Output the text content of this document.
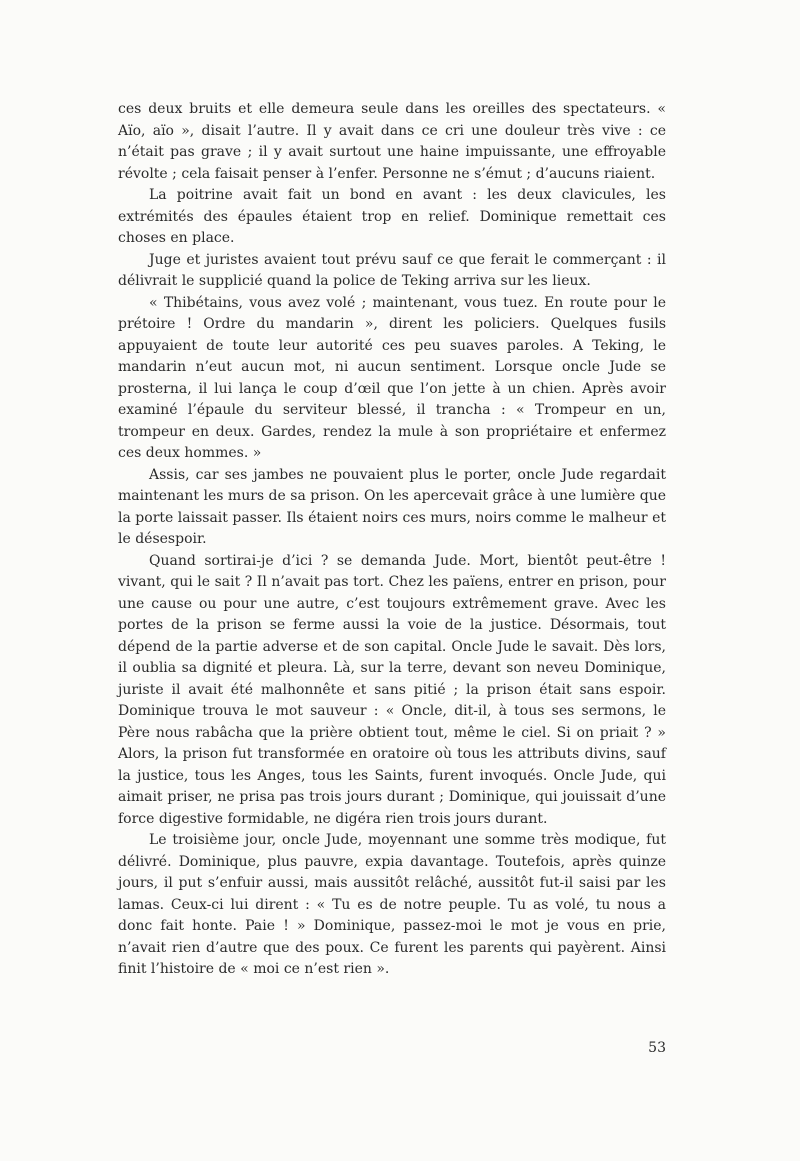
ces deux bruits et elle demeura seule dans les oreilles des spectateurs. « Aïo, aïo », disait l’autre. Il y avait dans ce cri une douleur très vive : ce n’était pas grave ; il y avait surtout une haine impuissante, une effroyable révolte ; cela faisait penser à l’enfer. Personne ne s’émut ; d’aucuns riaient.

La poitrine avait fait un bond en avant : les deux clavicules, les extrémités des épaules étaient trop en relief. Dominique remettait ces choses en place.

Juge et juristes avaient tout prévu sauf ce que ferait le commerçant : il délivrait le supplicié quand la police de Teking arriva sur les lieux.

« Thibétains, vous avez volé ; maintenant, vous tuez. En route pour le prétoire ! Ordre du mandarin », dirent les policiers. Quelques fusils appuyaient de toute leur autorité ces peu suaves paroles. A Teking, le mandarin n’eut aucun mot, ni aucun sentiment. Lorsque oncle Jude se prosterna, il lui lança le coup d’œil que l’on jette à un chien. Après avoir examiné l’épaule du serviteur blessé, il trancha : « Trompeur en un, trompeur en deux. Gardes, rendez la mule à son propriétaire et enfermez ces deux hommes. »

Assis, car ses jambes ne pouvaient plus le porter, oncle Jude regardait maintenant les murs de sa prison. On les apercevait grâce à une lumière que la porte laissait passer. Ils étaient noirs ces murs, noirs comme le malheur et le désespoir.

Quand sortirai-je d’ici ? se demanda Jude. Mort, bientôt peut-être ! vivant, qui le sait ? Il n’avait pas tort. Chez les païens, entrer en prison, pour une cause ou pour une autre, c’est toujours extrêmement grave. Avec les portes de la prison se ferme aussi la voie de la justice. Désormais, tout dépend de la partie adverse et de son capital. Oncle Jude le savait. Dès lors, il oublia sa dignité et pleura. Là, sur la terre, devant son neveu Dominique, juriste il avait été malhonnête et sans pitié ; la prison était sans espoir. Dominique trouva le mot sauveur : « Oncle, dit-il, à tous ses sermons, le Père nous rabâcha que la prière obtient tout, même le ciel. Si on priait ? » Alors, la prison fut transformée en oratoire où tous les attributs divins, sauf la justice, tous les Anges, tous les Saints, furent invoqués. Oncle Jude, qui aimait priser, ne prisa pas trois jours durant ; Dominique, qui jouissait d’une force digestive formidable, ne digéra rien trois jours durant.

Le troisième jour, oncle Jude, moyennant une somme très modique, fut délivré. Dominique, plus pauvre, expia davantage. Toutefois, après quinze jours, il put s’enfuir aussi, mais aussitôt relâché, aussitôt fut-il saisi par les lamas. Ceux-ci lui dirent : « Tu es de notre peuple. Tu as volé, tu nous a donc fait honte. Paie ! » Dominique, passez-moi le mot je vous en prie, n’avait rien d’autre que des poux. Ce furent les parents qui payèrent. Ainsi finit l’histoire de « moi ce n’est rien ».

53
